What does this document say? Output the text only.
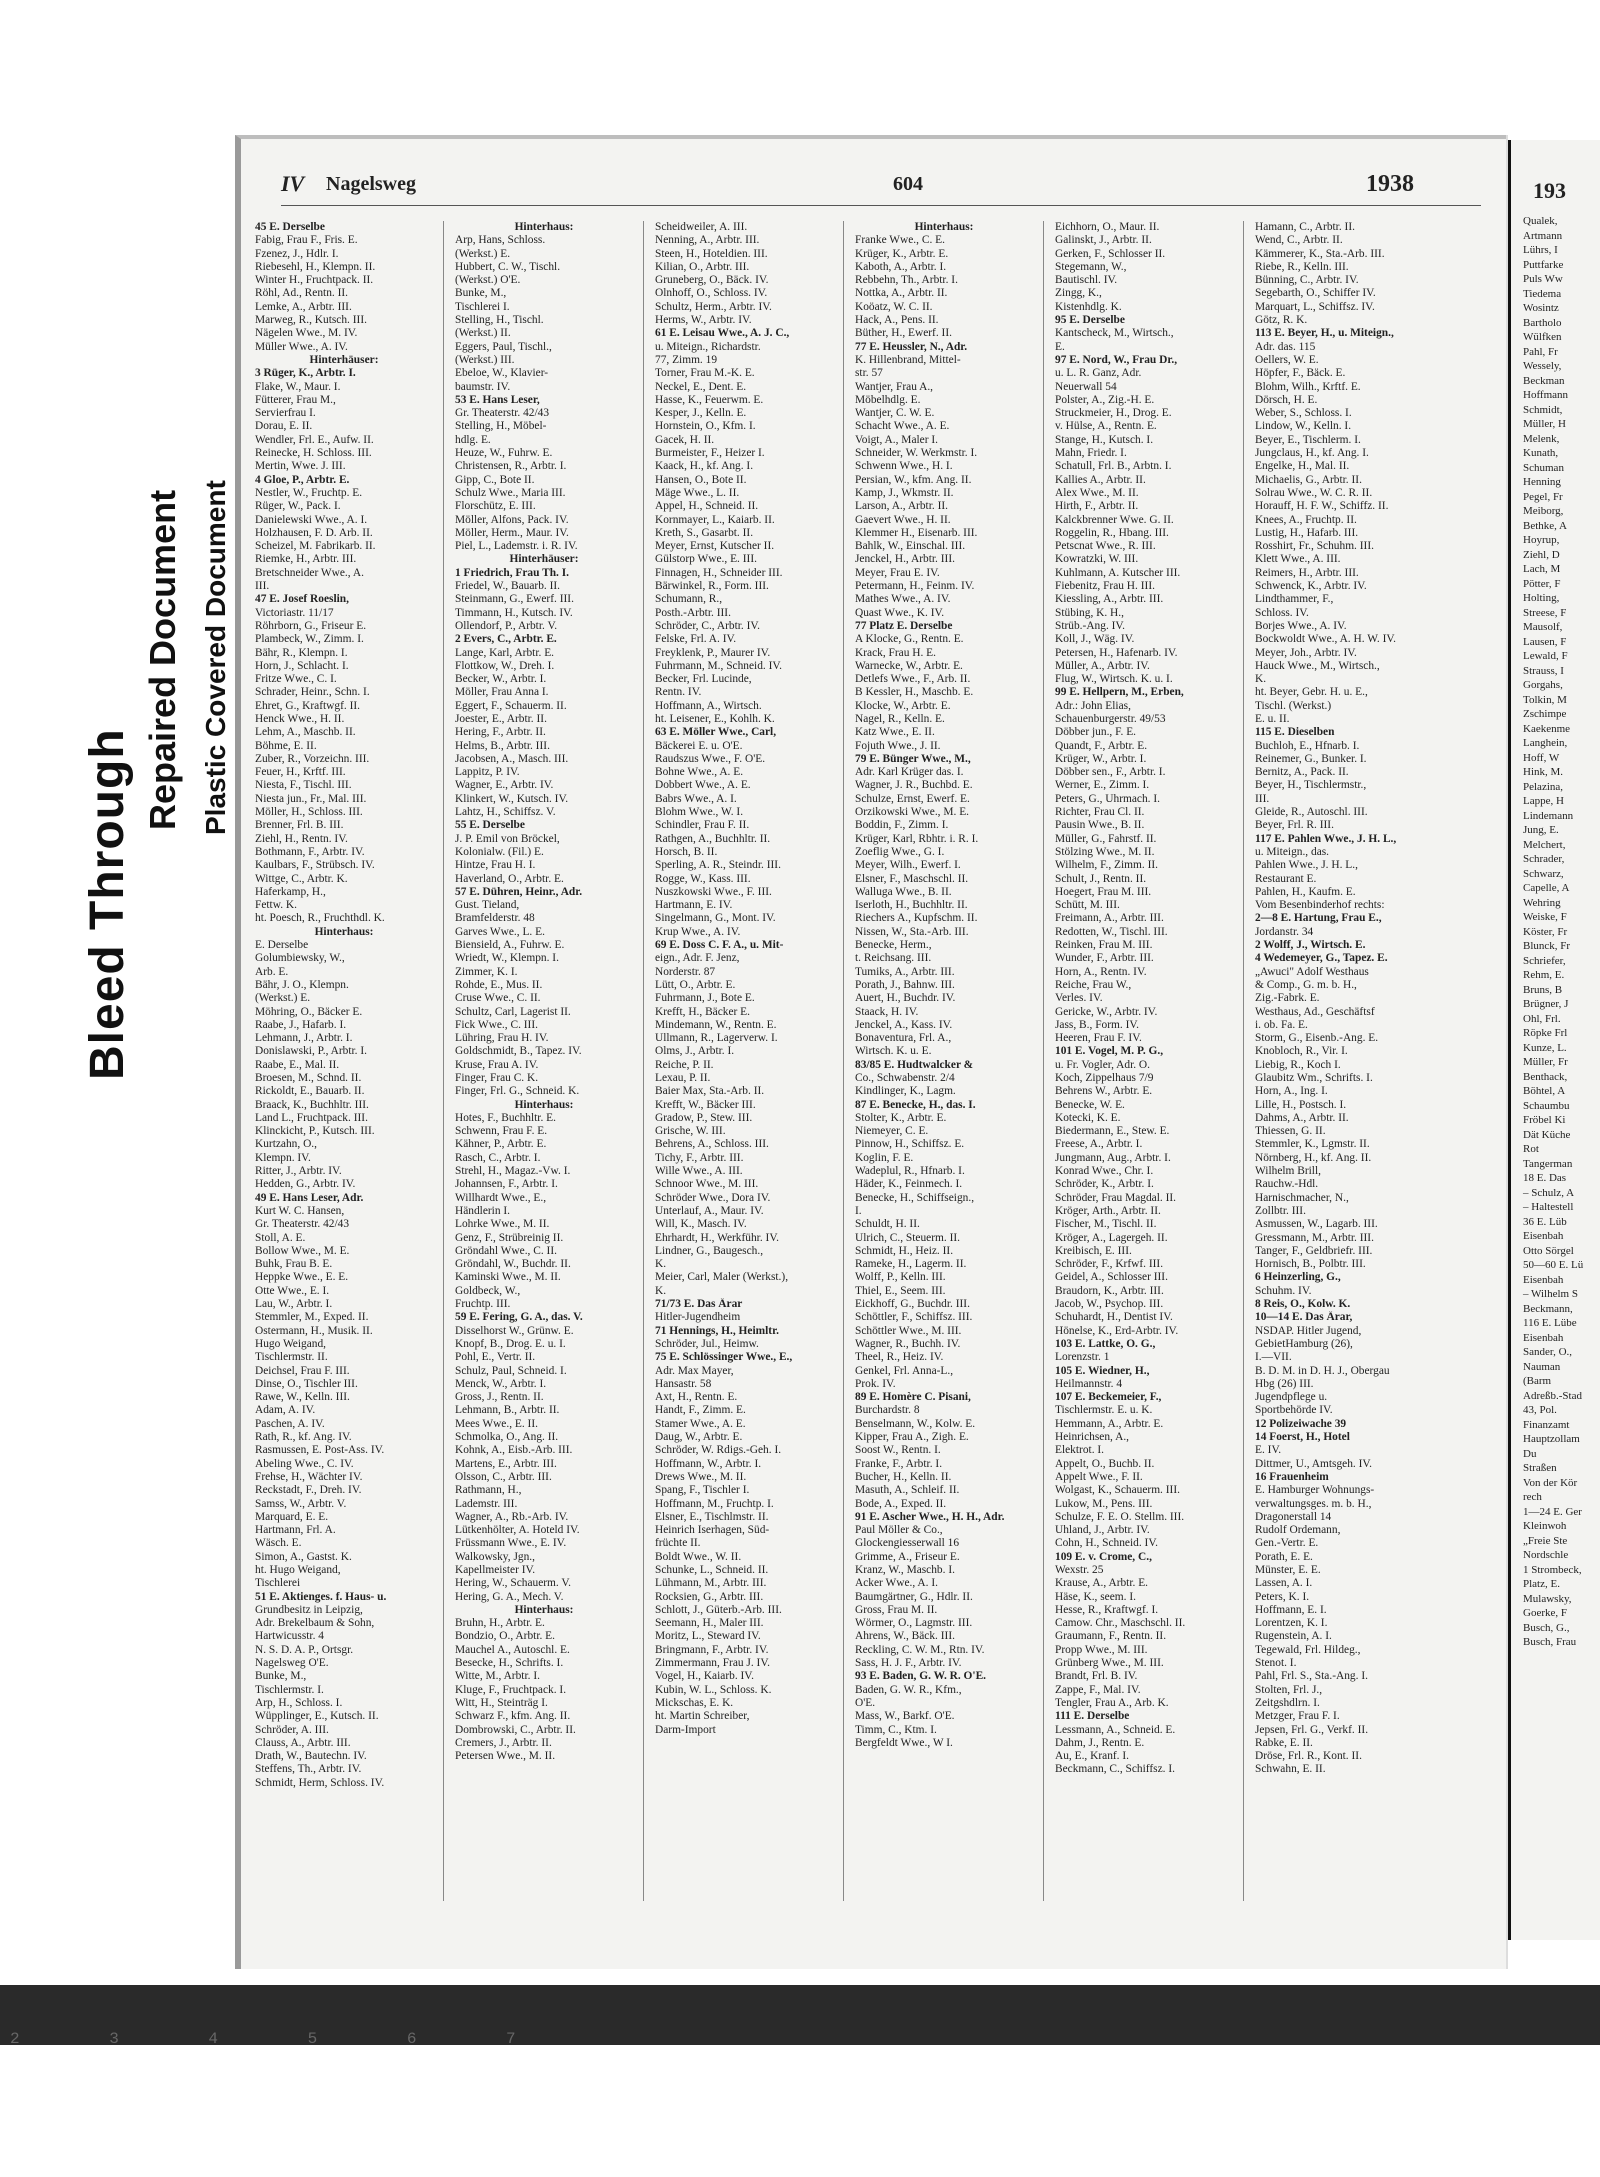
Bleed Through
Repaired Document Plastic Covered Document
IV Nagelsweg	604	1938
45 E. Derselbe
Fabig, Frau F., Fris. E.
Fzenez, J., Hdlr. I.
Riebesehl, H., Klempn. II.
Winter H., Fruchtpack. II.
Röhl, Ad., Rentn. II.
Lemke, A., Arbtr. III.
Marweg, R., Kutsch. III.
Nägelen Wwe., M. IV.
Müller Wwe., A. IV.
Hinterhäuser:
3 Rüger, K., Arbtr. I.
Flake, W., Maur. I.
Fütterer, Frau M.,
Servierfrau I.
Dorau, E. II.
Wendler, Frl. E., Aufw. II.
Reinecke, H. Schloss. III.
Mertin, Wwe. J. III.
4 Gloe, P., Arbtr. E.
Nestler, W., Fruchtp. E.
Rüger, W., Pack. I.
Danielewski Wwe., A. I.
Holzhausen, F. D. Arb. II.
Scheizel, M. Fabrikarb. II.
Riemke, H., Arbtr. III.
Bretschneider Wwe., A.
III.
47 E. Josef Roeslin,
Victoriastr. 11/17
Röhrborn, G., Friseur E.
Plambeck, W., Zimm. I.
Bähr, R., Klempn. I.
Horn, J., Schlacht. I.
Fritze Wwe., C. I.
Schrader, Heinr., Schn. I.
Ehret, G., Kraftwgf. II.
Henck Wwe., H. II.
Lehm, A., Maschb. II.
Böhme, E. II.
Zuber, R., Vorzeichn. III.
Feuer, H., Krftf. III.
Niesta, F., Tischl. III.
Niesta jun., Fr., Mal. III.
Möller, H., Schloss. III.
Brenner, Frl. B. III.
Ziehl, H., Rentn. IV.
Bothmann, F., Arbtr. IV.
Kaulbars, F., Strübsch. IV.
Wittge, C., Arbtr. K.
Haferkamp, H.,
Fettw. K.
ht. Poesch, R., Fruchthdl. K.
Hinterhaus:
E. Derselbe
Golumbiewsky, W.,
Arb. E.
Bähr, J. O., Klempn.
(Werkst.) E.
Möhring, O., Bäcker E.
Raabe, J., Hafarb. I.
Lehmann, J., Arbtr. I.
Donislawski, P., Arbtr. I.
Raabe, E., Mal. II.
Broesen, M., Schnd. II.
Rickoldt, E., Bauarb. II.
Braack, K., Buchhltr. III.
Land L., Fruchtpack. III.
Klinckicht, P., Kutsch. III.
Kurtzahn, O.,
Klempn. IV.
Ritter, J., Arbtr. IV.
Hedden, G., Arbtr. IV.
49 E. Hans Leser, Adr.
Kurt W. C. Hansen,
Gr. Theaterstr. 42/43
Stoll, A. E.
Bollow Wwe., M. E.
Buhk, Frau B. E.
Heppke Wwe., E. E.
Otte Wwe., E. I.
Lau, W., Arbtr. I.
Stemmler, M., Exped. II.
Ostermann, H., Musik. II.
Hugo Weigand,
Tischlermstr. II.
Deichsel, Frau F. III.
Dinse, O., Tischler III.
Rawe, W., Kelln. III.
Adam, A. IV.
Paschen, A. IV.
Rath, R., kf. Ang. IV.
Rasmussen, E. Post-Ass. IV.
Abeling Wwe., C. IV.
Frehse, H., Wächter IV.
Reckstadt, F., Dreh. IV.
Samss, W., Arbtr. V.
Marquard, E. E.
Hartmann, Frl. A.
Wäsch. E.
Simon, A., Gastst. K.
ht. Hugo Weigand,
Tischlerei
51 E. Aktienges. f. Haus- u.
Grundbesitz in Leipzig,
Adr. Brekelbaum & Sohn,
Hartwicusstr. 4
N. S. D. A. P., Ortsgr.
Nagelsweg O'E.
Bunke, M.,
Tischlermstr. I.
Arp, H., Schloss. I.
Wüpplinger, E., Kutsch. II.
Schröder, A. III.
Clauss, A., Arbtr. III.
Drath, W., Bautechn. IV.
Steffens, Th., Arbtr. IV.
Schmidt, Herm, Schloss. IV.
Hinterhaus:
Arp, Hans, Schloss.
(Werkst.) E.
Hubbert, C. W., Tischl.
(Werkst.) O'E.
Bunke, M.,
Tischlerei I.
Stelling, H., Tischl.
(Werkst.) II.
Eggers, Paul, Tischl.,
(Werkst.) III.
Ebeloe, W., Klavier-
baumstr. IV.
53 E. Hans Leser,
Gr. Theaterstr. 42/43
Stelling, H., Möbel-
hdlg. E.
Heuze, W., Fuhrw. E.
Christensen, R., Arbtr. I.
Gipp, C., Bote II.
Schulz Wwe., Maria III.
Florschütz, E. III.
Möller, Alfons, Pack. IV.
Möller, Herm., Maur. IV.
Piel, L., Lademstr. i. R. IV.
Hinterhäuser:
1 Friedrich, Frau Th. I.
Friedel, W., Bauarb. II.
Steinmann, G., Ewerf. III.
Timmann, H., Kutsch. IV.
Ollendorf, P., Arbtr. V.
2 Evers, C., Arbtr. E.
Lange, Karl, Arbtr. E.
Flottkow, W., Dreh. I.
Becker, W., Arbtr. I.
Möller, Frau Anna I.
Eggert, F., Schauerm. II.
Joester, E., Arbtr. II.
Hering, F., Arbtr. II.
Helms, B., Arbtr. III.
Jacobsen, A., Masch. III.
Lappitz, P. IV.
Wagner, E., Arbtr. IV.
Klinkert, W., Kutsch. IV.
Lahtz, H., Schiffsz. V.
55 E. Derselbe
J. P. Emil von Bröckel,
Kolonialw. (Fil.) E.
Hintze, Frau H. I.
Haverland, O., Arbtr. E.
57 E. Dühren, Heinr., Adr.
Gust. Tieland,
Bramfelderstr. 48
Garves Wwe., L. E.
Biensield, A., Fuhrw. E.
Wriedt, W., Klempn. I.
Zimmer, K. I.
Rohde, E., Mus. II.
Cruse Wwe., C. II.
Schultz, Carl, Lagerist II.
Fick Wwe., C. III.
Lühring, Frau H. IV.
Goldschmidt, B., Tapez. IV.
Kruse, Frau A. IV.
Finger, Frau C. K.
Finger, Frl. G., Schneid. K.
Hinterhaus:
Hotes, F., Buchhltr. E.
Schwenn, Frau F. E.
Kähner, P., Arbtr. E.
Rasch, C., Arbtr. I.
Strehl, H., Magaz.-Vw. I.
Johannsen, F., Arbtr. I.
Willhardt Wwe., E.,
Händlerin I.
Lohrke Wwe., M. II.
Genz, F., Strübreinig II.
Gröndahl Wwe., C. II.
Gröndahl, W., Buchdr. II.
Kaminski Wwe., M. II.
Goldbeck, W.,
Fruchtp. III.
59 E. Fering, G. A., das. V.
Disselhorst W., Grünw. E.
Knopf, B., Drog. E. u. I.
Pohl, E., Vertr. II.
Schulz, Paul, Schneid. I.
Menck, W., Arbtr. I.
Gross, J., Rentn. II.
Lehmann, B., Arbtr. II.
Mees Wwe., E. II.
Schmolka, O., Ang. II.
Kohnk, A., Eisb.-Arb. III.
Martens, E., Arbtr. III.
Olsson, C., Arbtr. III.
Rathmann, H.,
Lademstr. III.
Wagner, A., Rb.-Arb. IV.
Lütkenhölter, A. Hoteld IV.
Früssmann Wwe., E. IV.
Walkowsky, Jgn.,
Kapellmeister IV.
Hering, W., Schauerm. V.
Hering, G. A., Mech. V.
Hinterhaus:
Bruhn, H., Arbtr. E.
Bondzio, O., Arbtr. E.
Mauchel A., Autoschl. E.
Besecke, H., Schrifts. I.
Witte, M., Arbtr. I.
Kluge, F., Fruchtpack. I.
Witt, H., Steinträg I.
Schwarz F., kfm. Ang. II.
Dombrowski, C., Arbtr. II.
Cremers, J., Arbtr. II.
Petersen Wwe., M. II.
Scheidweiler, A. III.
Nenning, A., Arbtr. III.
Steen, H., Hoteldien. III.
Kilian, O., Arbtr. III.
Gruneberg, O., Bäck. IV.
Olnhoff, O., Schloss. IV.
Schultz, Herm., Arbtr. IV.
Herms, W., Arbtr. IV.
61 E. Leisau Wwe., A. J. C.,
u. Miteign., Richardstr.
77, Zimm. 19
Torner, Frau M.-K. E.
Neckel, E., Dent. E.
Hasse, K., Feuerwm. E.
Kesper, J., Kelln. E.
Hornstein, O., Kfm. I.
Gacek, H. II.
Burmeister, F., Heizer I.
Kaack, H., kf. Ang. I.
Hansen, O., Bote II.
Mäge Wwe., L. II.
Appel, H., Schneid. II.
Kornmayer, L., Kaiarb. II.
Kreth, S., Gasarbt. II.
Meyer, Ernst, Kutscher II.
Gülstorp Wwe., E. III.
Finnagen, H., Schneider III.
Bärwinkel, R., Form. III.
Schumann, R.,
Posth.-Arbtr. III.
Schröder, C., Arbtr. IV.
Felske, Frl. A. IV.
Freyklenk, P., Maurer IV.
Fuhrmann, M., Schneid. IV.
Becker, Frl. Lucinde,
Rentn. IV.
Hoffmann, A., Wirtsch.
ht. Leisener, E., Kohlh. K.
63 E. Möller Wwe., Carl,
Bäckerei E. u. O'E.
Raudszus Wwe., F. O'E.
Bohne Wwe., A. E.
Dobbert Wwe., A. E.
Babrs Wwe., A. I.
Blohm Wwe., W. I.
Schindler, Frau F. II.
Rathgen, A., Buchhltr. II.
Horsch, B. II.
Sperling, A. R., Steindr. III.
Rogge, W., Kass. III.
Nuszkowski Wwe., F. III.
Hartmann, E. IV.
Singelmann, G., Mont. IV.
Krup Wwe., A. IV.
69 E. Doss C. F. A., u. Mit-
eign., Adr. F. Jenz,
Norderstr. 87
Lütt, O., Arbtr. E.
Fuhrmann, J., Bote E.
Krefft, H., Bäcker E.
Mindemann, W., Rentn. E.
Ullmann, R., Lagerverw. I.
Olms, J., Arbtr. I.
Reiche, P. II.
Lexau, P. II.
Baier Max, Sta.-Arb. II.
Krefft, W., Bäcker III.
Gradow, P., Stew. III.
Grische, W. III.
Behrens, A., Schloss. III.
Tichy, F., Arbtr. III.
Wille Wwe., A. III.
Schnoor Wwe., M. III.
Schröder Wwe., Dora IV.
Unterlauf, A., Maur. IV.
Will, K., Masch. IV.
Ehrhardt, H., Werkführ. IV.
Lindner, G., Baugesch.,
K.
Meier, Carl, Maler (Werkst.),
K.
71/73 E. Das Ärar
Hitler-Jugendheim
71 Hennings, H., Heimltr.
Schröder, Jul., Heimw.
75 E. Schlössinger Wwe., E.,
Adr. Max Mayer,
Hansastr. 58
Axt, H., Rentn. E.
Handt, F., Zimm. E.
Stamer Wwe., A. E.
Daug, W., Arbtr. E.
Schröder, W. Rdigs.-Geh. I.
Hoffmann, W., Arbtr. I.
Drews Wwe., M. II.
Spang, F., Tischler I.
Hoffmann, M., Fruchtp. I.
Elsner, E., Tischlmstr. II.
Heinrich Iserhagen, Süd-
früchte II.
Boldt Wwe., W. II.
Schunke, L., Schneid. II.
Lühmann, M., Arbtr. III.
Rocksien, G., Arbtr. III.
Schlott, J., Güterb.-Arb. III.
Seemann, H., Maler III.
Moritz, L., Steward IV.
Bringmann, F., Arbtr. IV.
Zimmermann, Frau J. IV.
Vogel, H., Kaiarb. IV.
Kubin, W. L., Schloss. K.
Mickschas, E. K.
ht. Martin Schreiber,
Darm-Import
Hinterhaus:
Franke Wwe., C. E.
Krüger, K., Arbtr. E.
Kaboth, A., Arbtr. I.
Rebbehn, Th., Arbtr. I.
Nottka, A., Arbtr. II.
Koöatz, W. C. II.
Hack, A., Pens. II.
Büther, H., Ewerf. II.
77 E. Heussler, N., Adr.
K. Hillenbrand, Mittel-
str. 57
Wantjer, Frau A.,
Möbelhdlg. E.
Wantjer, C. W. E.
Schacht Wwe., A. E.
Voigt, A., Maler I.
Schneider, W. Werkmstr. I.
Schwenn Wwe., H. I.
Persian, W., kfm. Ang. II.
Kamp, J., Wkmstr. II.
Larson, A., Arbtr. II.
Gaevert Wwe., H. II.
Klemmer H., Eisenarb. III.
Bahlk, W., Einschal. III.
Jenckel, H., Arbtr. III.
Meyer, Frau E. IV.
Petermann, H., Feinm. IV.
Mathes Wwe., A. IV.
Quast Wwe., K. IV.
77 Platz E. Derselbe
A Klocke, G., Rentn. E.
Krack, Frau H. E.
Warnecke, W., Arbtr. E.
Detlefs Wwe., F., Arb. II.
B Kessler, H., Maschb. E.
Klocke, W., Arbtr. E.
Nagel, R., Kelln. E.
Katz Wwe., E. II.
Fojuth Wwe., J. II.
79 E. Bünger Wwe., M.,
Adr. Karl Krüger das. I.
Wagner, J. R., Buchbd. E.
Schulze, Ernst, Ewerf. E.
Orzikowski Wwe., M. E.
Boddin, F., Zimm. I.
Krüger, Karl, Rbhtr. i. R. I.
Zoeflig Wwe., G. I.
Meyer, Wilh., Ewerf. I.
Elsner, F., Maschschl. II.
Walluga Wwe., B. II.
Iserloth, H., Buchhltr. II.
Riechers A., Kupfschm. II.
Nissen, W., Sta.-Arb. III.
Benecke, Herm.,
t. Reichsang. III.
Tumiks, A., Arbtr. III.
Porath, J., Bahnw. III.
Auert, H., Buchdr. IV.
Staack, H. IV.
Jenckel, A., Kass. IV.
Bonaventura, Frl. A.,
Wirtsch. K. u. E.
83/85 E. Hudtwalcker &
Co., Schwabenstr. 2/4
Kindlinger, K., Lagm.
87 E. Benecke, H., das. I.
Stolter, K., Arbtr. E.
Niemeyer, C. E.
Pinnow, H., Schiffsz. E.
Koglin, F. E.
Wadeplul, R., Hfnarb. I.
Häder, K., Feinmech. I.
Benecke, H., Schiffseign.,
I.
Schuldt, H. II.
Ulrich, C., Steuerm. II.
Schmidt, H., Heiz. II.
Rameke, H., Lagerm. II.
Wolff, P., Kelln. III.
Thiel, E., Seem. III.
Eickhoff, G., Buchdr. III.
Schöttler, F., Schiffsz. III.
Schöttler Wwe., M. III.
Wagner, R., Buchh. IV.
Theel, R., Heiz. IV.
Genkel, Frl. Anna-L.,
Prok. IV.
89 E. Homère C. Pisani,
Burchardstr. 8
Benselmann, W., Kolw. E.
Kipper, Frau A., Zigh. E.
Soost W., Rentn. I.
Franke, F., Arbtr. I.
Bucher, H., Kelln. II.
Masuth, A., Schleif. II.
Bode, A., Exped. II.
91 E. Ascher Wwe., H. H., Adr.
Paul Möller & Co.,
Glockengiesserwall 16
Grimme, A., Friseur E.
Kranz, W., Maschb. I.
Acker Wwe., A. I.
Baumgärtner, G., Hdlr. II.
Gross, Frau M. II.
Wörmer, O., Lagmstr. III.
Ahrens, W., Bäck. III.
Reckling, C. W. M., Rtn. IV.
Sass, H. J. F., Arbtr. IV.
93 E. Baden, G. W. R. O'E.
Baden, G. W. R., Kfm.,
O'E.
Mass, W., Barkf. O'E.
Timm, C., Ktm. I.
Bergfeldt Wwe., W I.
Eichhorn, O., Maur. II.
Galinskt, J., Arbtr. II.
Gerken, F., Schlosser II.
Stegemann, W.,
Bautischl. IV.
Zingg, K.,
Kistenhdlg. K.
95 E. Derselbe
Kantscheck, M., Wirtsch.,
E.
97 E. Nord, W., Frau Dr.,
u. L. R. Ganz, Adr.
Neuerwall 54
Polster, A., Zig.-H. E.
Struckmeier, H., Drog. E.
v. Hülse, A., Rentn. E.
Stange, H., Kutsch. I.
Mahn, Friedr. I.
Schatull, Frl. B., Arbtn. I.
Kallies A., Arbtr. II.
Alex Wwe., M. II.
Hirth, F., Arbtr. II.
Kalckbrenner Wwe. G. II.
Roggelin, R., Hbang. III.
Petscnat Wwe., R. III.
Kowratzki, W. III.
Kuhlmann, A. Kutscher III.
Fiebenitz, Frau H. III.
Kiessling, A., Arbtr. III.
Stübing, K. H.,
Strüb.-Ang. IV.
Koll, J., Wäg. IV.
Petersen, H., Hafenarb. IV.
Müller, A., Arbtr. IV.
Flug, W., Wirtsch. K. u. I.
99 E. Hellpern, M., Erben,
Adr.: John Elias,
Schauenburgerstr. 49/53
Döbber jun., F. E.
Quandt, F., Arbtr. E.
Krüger, W., Arbtr. I.
Döbber sen., F., Arbtr. I.
Werner, E., Zimm. I.
Peters, G., Uhrmach. I.
Richter, Frau Cl. II.
Pausin Wwe., B. II.
Müller, G., Fahrstf. II.
Stölzing Wwe., M. II.
Wilhelm, F., Zimm. II.
Schult, J., Rentn. II.
Hoegert, Frau M. III.
Schütt, M. III.
Freimann, A., Arbtr. III.
Redotten, W., Tischl. III.
Reinken, Frau M. III.
Wunder, F., Arbtr. III.
Horn, A., Rentn. IV.
Reiche, Frau W.,
Verles. IV.
Gericke, W., Arbtr. IV.
Jass, B., Form. IV.
Heeren, Frau F. IV.
101 E. Vogel, M. P. G.,
u. Fr. Vogler, Adr. O.
Koch, Zippelhaus 7/9
Behrens W., Arbtr. E.
Benecke, W. E.
Kotecki, K. E.
Biedermann, E., Stew. E.
Freese, A., Arbtr. I.
Jungmann, Aug., Arbtr. I.
Konrad Wwe., Chr. I.
Schröder, K., Arbtr. I.
Schröder, Frau Magdal. II.
Kröger, Arth., Arbtr. II.
Fischer, M., Tischl. II.
Kröger, A., Lagergeh. II.
Kreibisch, E. III.
Schröder, F., Krfwf. III.
Geidel, A., Schlosser III.
Braudorn, K., Arbtr. III.
Jacob, W., Psychop. III.
Schuhardt, H., Dentist IV.
Hönelse, K., Erd-Arbtr. IV.
103 E. Lattke, O. G.,
Lorenzstr. 1
105 E. Wiedner, H.,
Heilmannstr. 4
107 E. Beckemeier, F.,
Tischlermstr. E. u. K.
Hemmann, A., Arbtr. E.
Heinrichsen, A.,
Elektrot. I.
Appelt, O., Buchb. II.
Appelt Wwe., F. II.
Wolgast, K., Schauerm. III.
Lukow, M., Pens. III.
Schulze, F. E. O. Stellm. III.
Uhland, J., Arbtr. IV.
Cohn, H., Schneid. IV.
109 E. v. Crome, C.,
Wexstr. 25
Krause, A., Arbtr. E.
Häse, K., seem. I.
Hesse, R., Kraftwgf. I.
Camow. Chr., Maschschl. II.
Graumann, F., Rentn. II.
Propp Wwe., M. III.
Grünberg Wwe., M. III.
Brandt, Frl. B. IV.
Zappe, F., Mal. IV.
Tengler, Frau A., Arb. K.
111 E. Derselbe
Lessmann, A., Schneid. E.
Dahm, J., Rentn. E.
Au, E., Kranf. I.
Beckmann, C., Schiffsz. I.
Hamann, C., Arbtr. II.
Wend, C., Arbtr. II.
Kämmerer, K., Sta.-Arb. III.
Riebe, R., Kelln. III.
Bünning, C., Arbtr. IV.
Segebarth, O., Schiffer IV.
Marquart, L., Schiffsz. IV.
Götz, R. K.
113 E. Beyer, H., u. Miteign.,
Adr. das. 115
Oellers, W. E.
Höpfer, F., Bäck. E.
Blohm, Wilh., Krftf. E.
Dörsch, H. E.
Weber, S., Schloss. I.
Lindow, W., Kelln. I.
Beyer, E., Tischlerm. I.
Jungclaus, H., kf. Ang. I.
Engelke, H., Mal. II.
Michaelis, G., Arbtr. II.
Solrau Wwe., W. C. R. II.
Horauff, H. F. W., Schiffz. II.
Knees, A., Fruchtp. II.
Lustig, H., Hafarb. III.
Rosshirt, Fr., Schuhm. III.
Klett Wwe., A. III.
Reimers, H., Arbtr. III.
Schwenck, K., Arbtr. IV.
Lindthammer, F.,
Schloss. IV.
Borjes Wwe., A. IV.
Bockwoldt Wwe., A. H. W. IV.
Meyer, Joh., Arbtr. IV.
Hauck Wwe., M., Wirtsch.,
K.
ht. Beyer, Gebr. H. u. E.,
Tischl. (Werkst.)
E. u. II.
115 E. Dieselben
Buchloh, E., Hfnarb. I.
Reinemer, G., Bunker. I.
Bernitz, A., Pack. II.
Beyer, H., Tischlermstr.,
III.
Gleide, R., Autoschl. III.
Beyer, Frl. R. III.
117 E. Pahlen Wwe., J. H. L.,
u. Miteign., das.
Pahlen Wwe., J. H. L.,
Restaurant E.
Pahlen, H., Kaufm. E.
Vom Besenbinderhof rechts:
2—8 E. Hartung, Frau E.,
Jordanstr. 34
2 Wolff, J., Wirtsch. E.
4 Wedemeyer, G., Tapez. E.
„Awuci" Adolf Westhaus
& Comp., G. m. b. H.,
Zig.-Fabrk. E.
Westhaus, Ad., Geschäftsf
i. ob. Fa. E.
Storm, G., Eisenb.-Ang. E.
Knobloch, R., Vir. I.
Liebig, R., Koch I.
Glaubitz Wm., Schrifts. I.
Horn, A., Ing. I.
Lille, H., Postsch. I.
Dahms, A., Arbtr. II.
Thiessen, G. II.
Stemmler, K., Lgmstr. II.
Nörnberg, H., kf. Ang. II.
Wilhelm Brill,
Rauchw.-Hdl.
Harnischmacher, N.,
Zollbtr. III.
Asmussen, W., Lagarb. III.
Gressmann, M., Arbtr. III.
Tanger, F., Geldbriefr. III.
Hornisch, B., Polbtr. III.
6 Heinzerling, G.,
Schuhm. IV.
8 Reis, O., Kolw. K.
10—14 E. Das Ärar,
NSDAP. Hitler Jugend,
GebietHamburg (26),
I.—VII.
B. D. M. in D. H. J., Obergau
Hbg (26) III.
Jugendpflege u.
Sportbehörde IV.
12 Polizeiwache 39
14 Foerst, H., Hotel
E. IV.
Dittmer, U., Amtsgeh. IV.
16 Frauenheim
E. Hamburger Wohnungs-
verwaltungsges. m. b. H.,
Dragonerstall 14
Rudolf Ordemann,
Gen.-Vertr. E.
Porath, E. E.
Münster, E. E.
Lassen, A. I.
Peters, K. I.
Hoffmann, E. I.
Lorentzen, K. I.
Rugenstein, A. I.
Tegewald, Frl. Hildeg.,
Stenot. I.
Pahl, Frl. S., Sta.-Ang. I.
Stolten, Frl. J.,
Zeitgshdlrn. I.
Metzger, Frau F. I.
Jepsen, Frl. G., Verkf. II.
Rabke, E. II.
Dröse, Frl. R., Kont. II.
Schwahn, E. II.
193
Qualek,
Artmann
Lührs, I
Puttfarke
Puls Ww
Tiedema
Wosintz
Bartholo
Wülfken
Pahl, Fr
Wessely,
Beckman
Hoffmann
Schmidt,
Müller, H
Melenk,
Kunath,
Schuman
Henning
Pegel, Fr
Meiborg,
Bethke, A
Hoyrup,
Ziehl, D
Lach, M
Pötter, F
Holting,
Streese, F
Mausolf,
Lausen, F
Lewald, F
Strauss, I
Gorgahs,
Tolkin, M
Zschimpe
Kaekenme
Langhein,
Hoff, W
Hink, M.
Pelazina,
Lappe, H
Lindemann
Jung, E.
Melchert,
Schrader,
Schwarz,
Capelle, A
Wehring
Weiske, F
Köster, Fr
Blunck, Fr
Schriefer,
Rehm, E.
Bruns, B
Brügner, J
Ohl, Frl.
Röpke Frl
Kunze, L.
Müller, Fr
Benthack,
Böhtel, A
Schaumbu
Fröbel Ki
Dät Küche
Rot
Tangerman
18 E. Das
– Schulz, A
– Haltestell
36 E. Lüb
Eisenbah
Otto Sörgel
50—60 E. Lü
Eisenbah
– Wilhelm S
Beckmann,
116 E. Lübe
Eisenbah
Sander, O.,
Nauman
(Barm
Adreßb.-Stad
43, Pol.
Finanzamt
Hauptzollam
Du
Straßen
Von der Kör
rech
1—24 E. Ger
Kleinwoh
„Freie Ste
Nordschle
1 Strombeck,
Platz, E.
Mulawsky,
Goerke, F
Busch, G.,
Busch, Frau
2 3 4 5 6 7
